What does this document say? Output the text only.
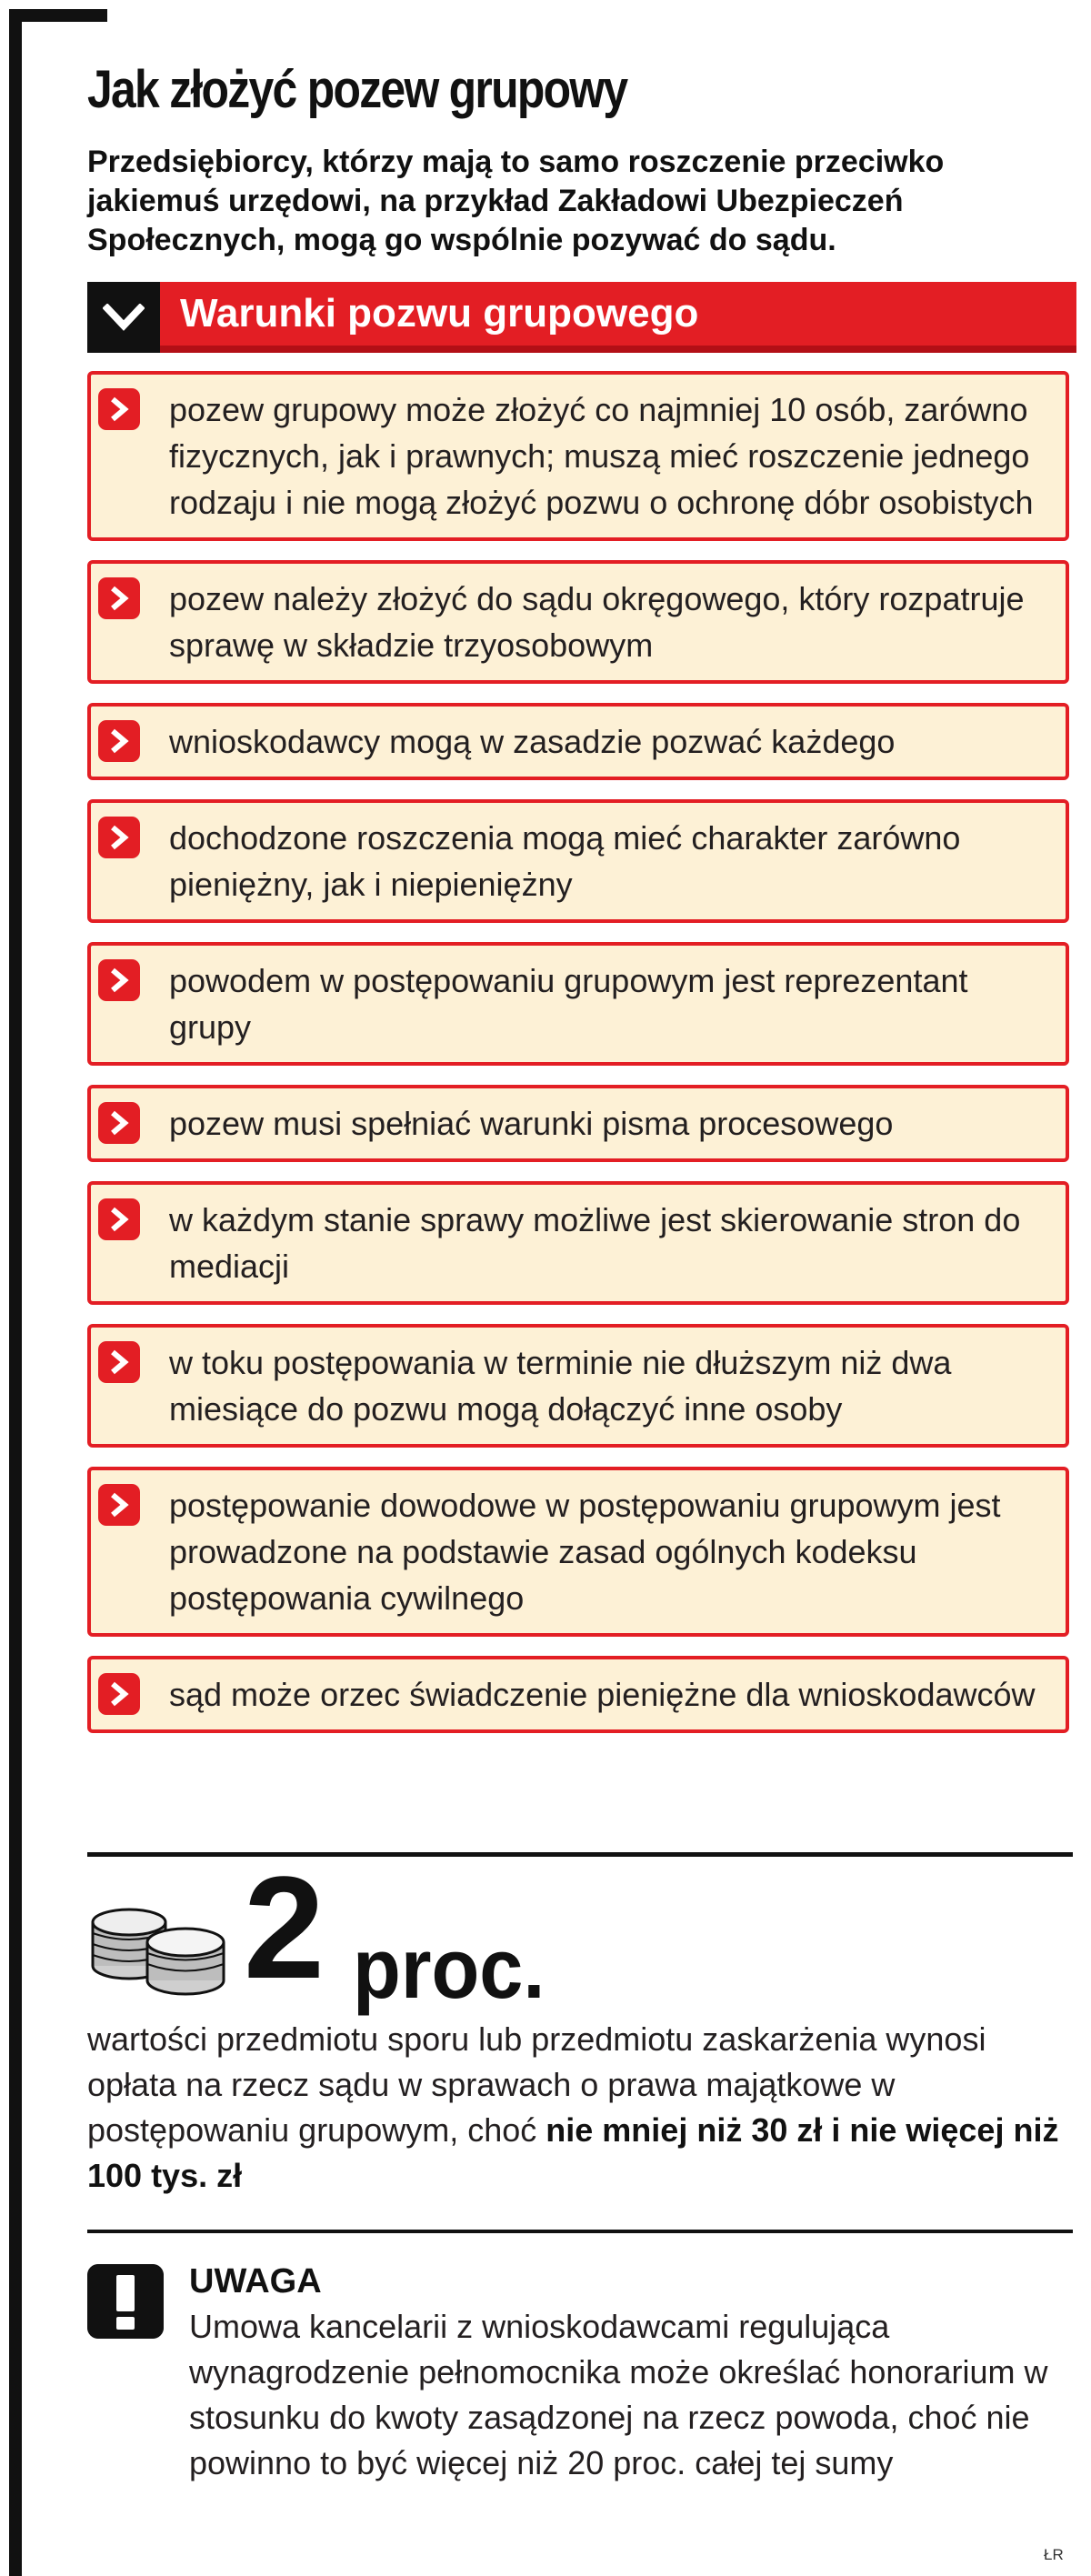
Jak złożyć pozew grupowy

Przedsiębiorcy, którzy mają to samo roszczenie przeciwko jakiemuś urzędowi, na przykład Zakładowi Ubezpieczeń Społecznych, mogą go wspólnie pozywać do sądu.

Warunki pozwu grupowego
pozew grupowy może złożyć co najmniej 10 osób, zarówno fizycznych, jak i prawnych; muszą mieć roszczenie jednego rodzaju i nie mogą złożyć pozwu o ochronę dóbr osobistych
pozew należy złożyć do sądu okręgowego, który rozpatruje sprawę w składzie trzyosobowym
wnioskodawcy mogą w zasadzie pozwać każdego
dochodzone roszczenia mogą mieć charakter zarówno pieniężny, jak i niepieniężny
powodem w postępowaniu grupowym jest reprezentant grupy
pozew musi spełniać warunki pisma procesowego
w każdym stanie sprawy możliwe jest skierowanie stron do mediacji
w toku postępowania w terminie nie dłuższym niż dwa miesiące do pozwu mogą dołączyć inne osoby
postępowanie dowodowe w postępowaniu grupowym jest prowadzone na podstawie zasad ogólnych kodeksu postępowania cywilnego
sąd może orzec świadczenie pieniężne dla wnioskodawców

2 proc.

wartości przedmiotu sporu lub przedmiotu zaskarżenia wynosi opłata na rzecz sądu w sprawach o prawa majątkowe w postępowaniu grupowym, choć nie mniej niż 30 zł i nie więcej niż 100 tys. zł

UWAGA

Umowa kancelarii z wnioskodawcami regulująca wynagrodzenie pełnomocnika może określać honorarium w stosunku do kwoty zasądzonej na rzecz powoda, choć nie powinno to być więcej niż 20 proc. całej tej sumy

ŁR
